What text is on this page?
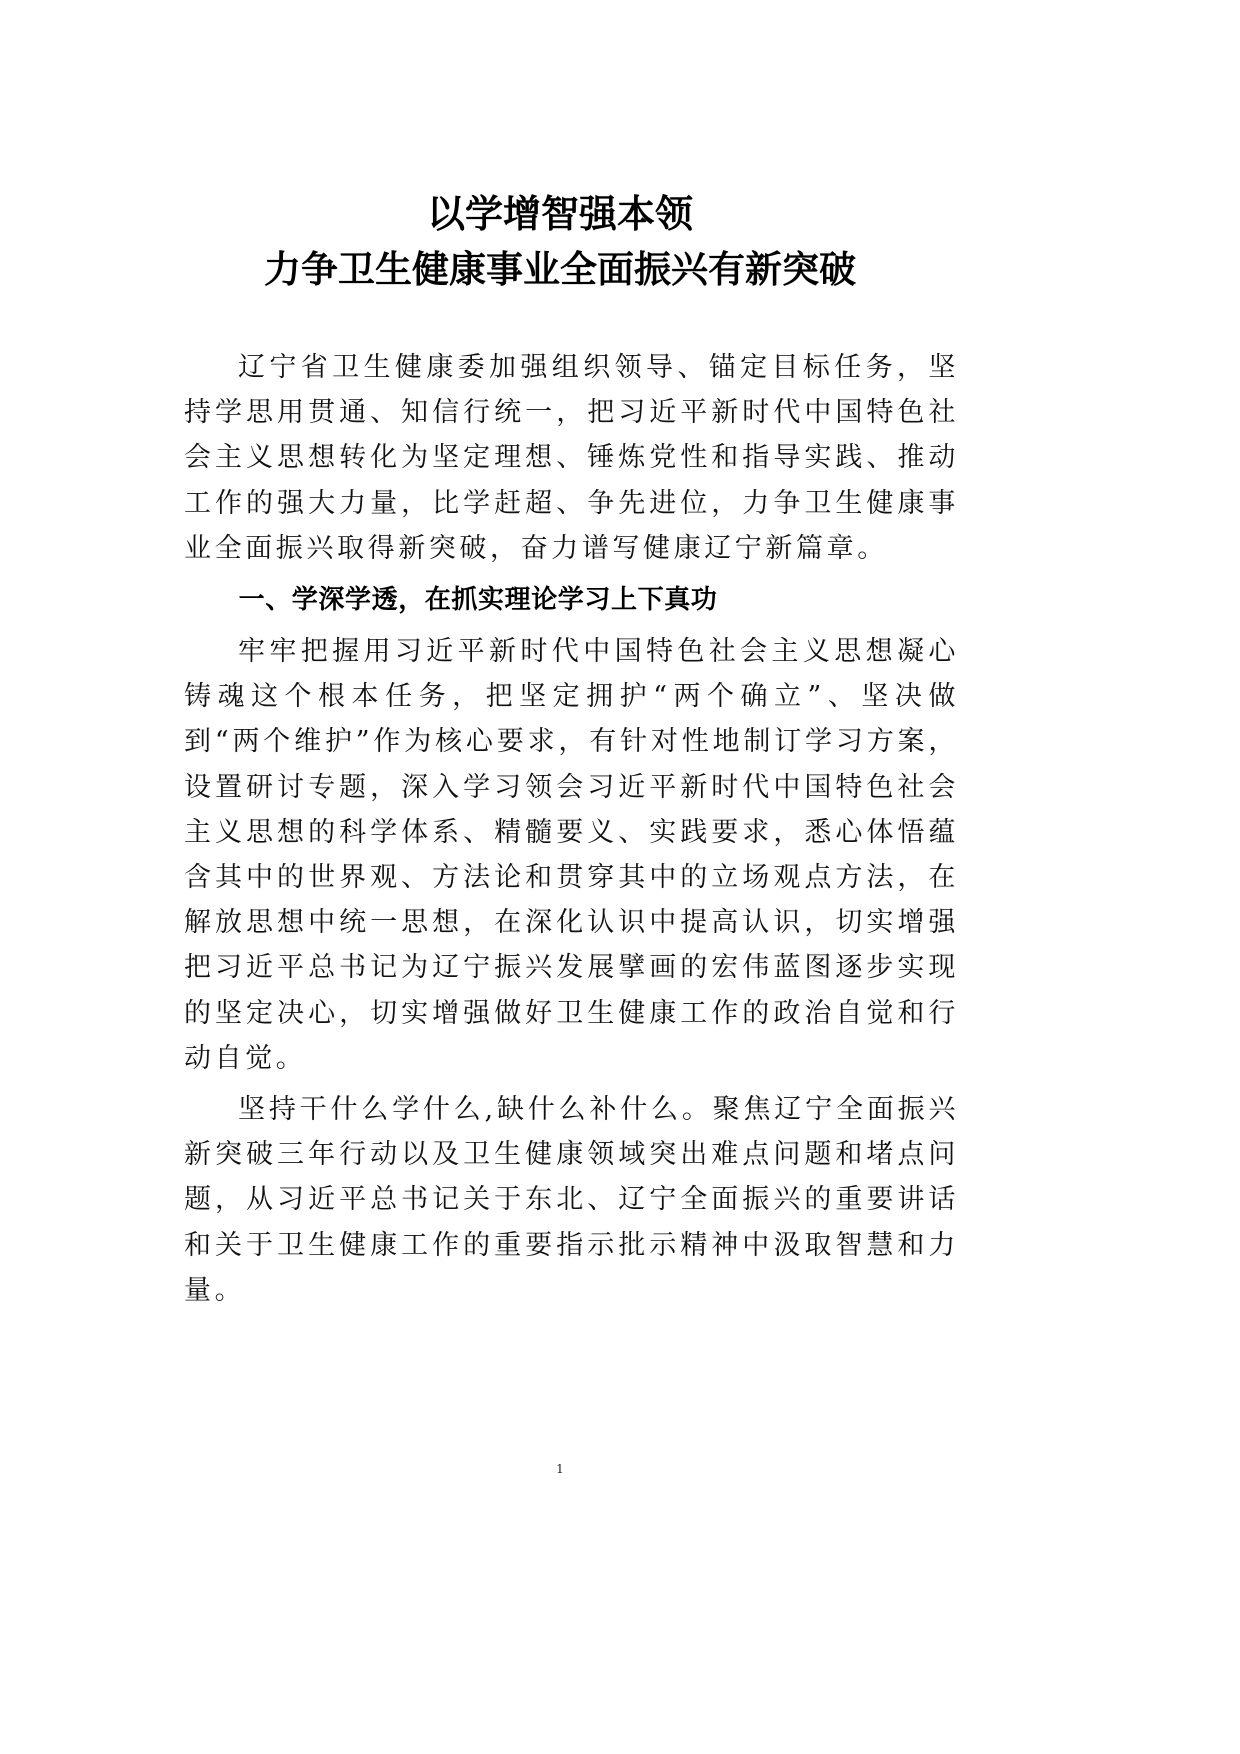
以学增智强本领
力争卫生健康事业全面振兴有新突破

辽宁省卫生健康委加强组织领导、锚定目标任务，坚持学思用贯通、知信行统一，把习近平新时代中国特色社会主义思想转化为坚定理想、锤炼党性和指导实践、推动工作的强大力量，比学赶超、争先进位，力争卫生健康事业全面振兴取得新突破，奋力谱写健康辽宁新篇章。

一、学深学透，在抓实理论学习上下真功

牢牢把握用习近平新时代中国特色社会主义思想凝心铸魂这个根本任务，把坚定拥护“两个确立”、坚决做到“两个维护”作为核心要求，有针对性地制订学习方案，设置研讨专题，深入学习领会习近平新时代中国特色社会主义思想的科学体系、精髓要义、实践要求，悉心体悟蕴含其中的世界观、方法论和贯穿其中的立场观点方法，在解放思想中统一思想，在深化认识中提高认识，切实增强把习近平总书记为辽宁振兴发展擘画的宏伟蓝图逐步实现的坚定决心，切实增强做好卫生健康工作的政治自觉和行动自觉。

坚持干什么学什么,缺什么补什么。聚焦辽宁全面振兴新突破三年行动以及卫生健康领域突出难点问题和堵点问题，从习近平总书记关于东北、辽宁全面振兴的重要讲话和关于卫生健康工作的重要指示批示精神中汲取智慧和力量。

1
